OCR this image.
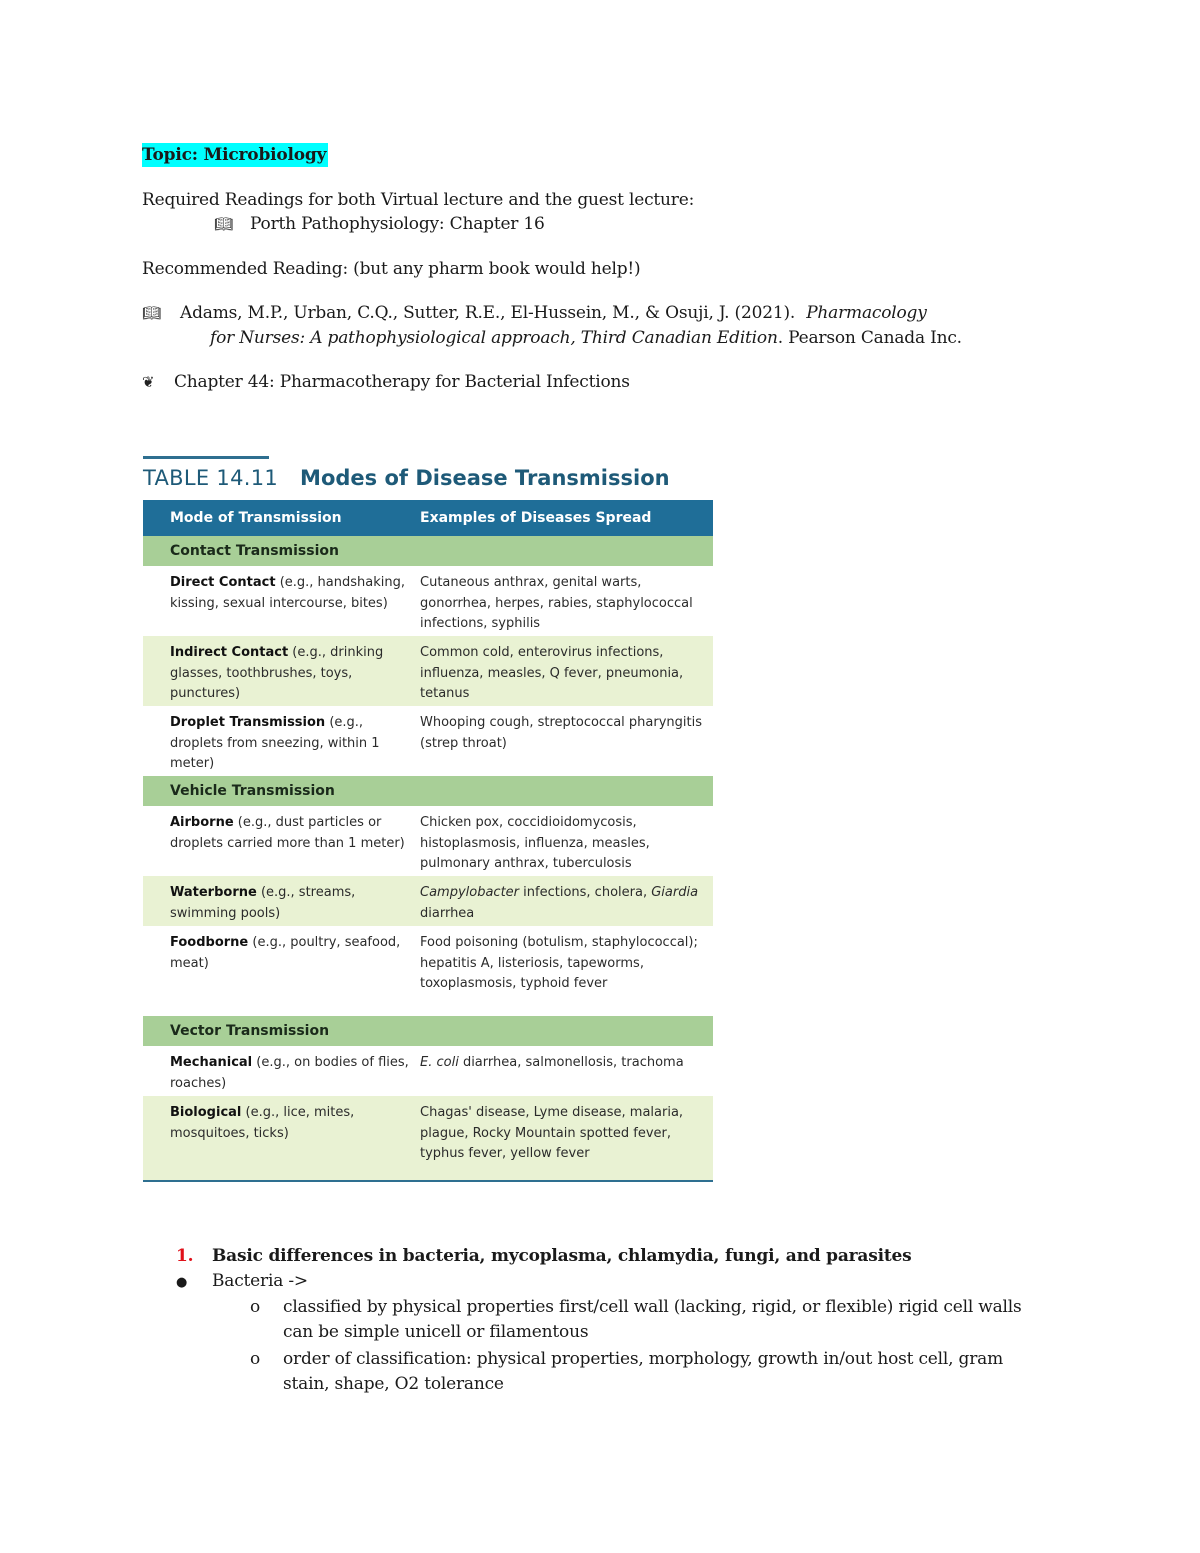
Topic: Microbiology
Required Readings for both Virtual lecture and the guest lecture:
📖︎ Porth Pathophysiology: Chapter 16
Recommended Reading: (but any pharm book would help!)
📖︎ Adams, M.P., Urban, C.Q., Sutter, R.E., El-Hussein, M., & Osuji, J. (2021). Pharmacology
for Nurses: A pathophysiological approach, Third Canadian Edition. Pearson Canada Inc.
❦ Chapter 44: Pharmacotherapy for Bacterial Infections
TABLE 14.11 Modes of Disease Transmission
Mode of Transmission	Examples of Diseases Spread
Contact Transmission
Direct Contact (e.g., handshaking, kissing, sexual intercourse, bites)
Cutaneous anthrax, genital warts, gonorrhea, herpes, rabies, staphylococcal infections, syphilis
Indirect Contact (e.g., drinking glasses, toothbrushes, toys, punctures)
Common cold, enterovirus infections, influenza, measles, Q fever, pneumonia, tetanus
Droplet Transmission (e.g., droplets from sneezing, within 1 meter)
Whooping cough, streptococcal pharyngitis (strep throat)
Vehicle Transmission
Airborne (e.g., dust particles or droplets carried more than 1 meter)
Chicken pox, coccidioidomycosis, histoplasmosis, influenza, measles, pulmonary anthrax, tuberculosis
Waterborne (e.g., streams, swimming pools)
Campylobacter infections, cholera, Giardia diarrhea
Foodborne (e.g., poultry, seafood, meat)
Food poisoning (botulism, staphylococcal); hepatitis A, listeriosis, tapeworms, toxoplasmosis, typhoid fever
Vector Transmission
Mechanical (e.g., on bodies of flies, roaches)
E. coli diarrhea, salmonellosis, trachoma
Biological (e.g., lice, mites, mosquitoes, ticks)
Chagas' disease, Lyme disease, malaria, plague, Rocky Mountain spotted fever, typhus fever, yellow fever
1. Basic differences in bacteria, mycoplasma, chlamydia, fungi, and parasites
● Bacteria ->
o classified by physical properties first/cell wall (lacking, rigid, or flexible) rigid cell walls
can be simple unicell or filamentous
o order of classification: physical properties, morphology, growth in/out host cell, gram
stain, shape, O2 tolerance
